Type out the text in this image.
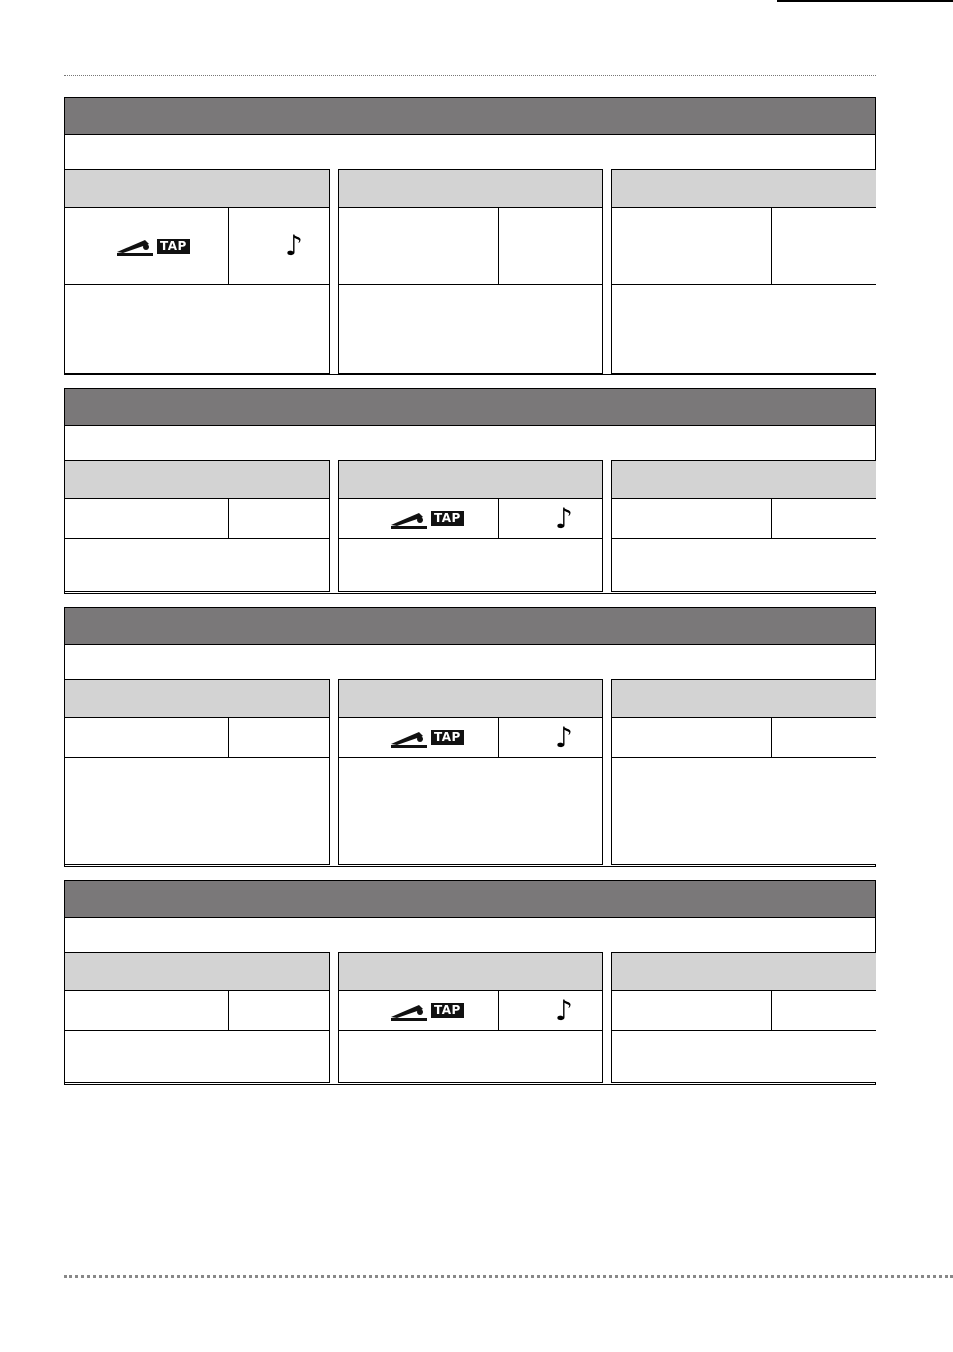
TAP	♪
TAP	♪
TAP	♪
TAP	♪
